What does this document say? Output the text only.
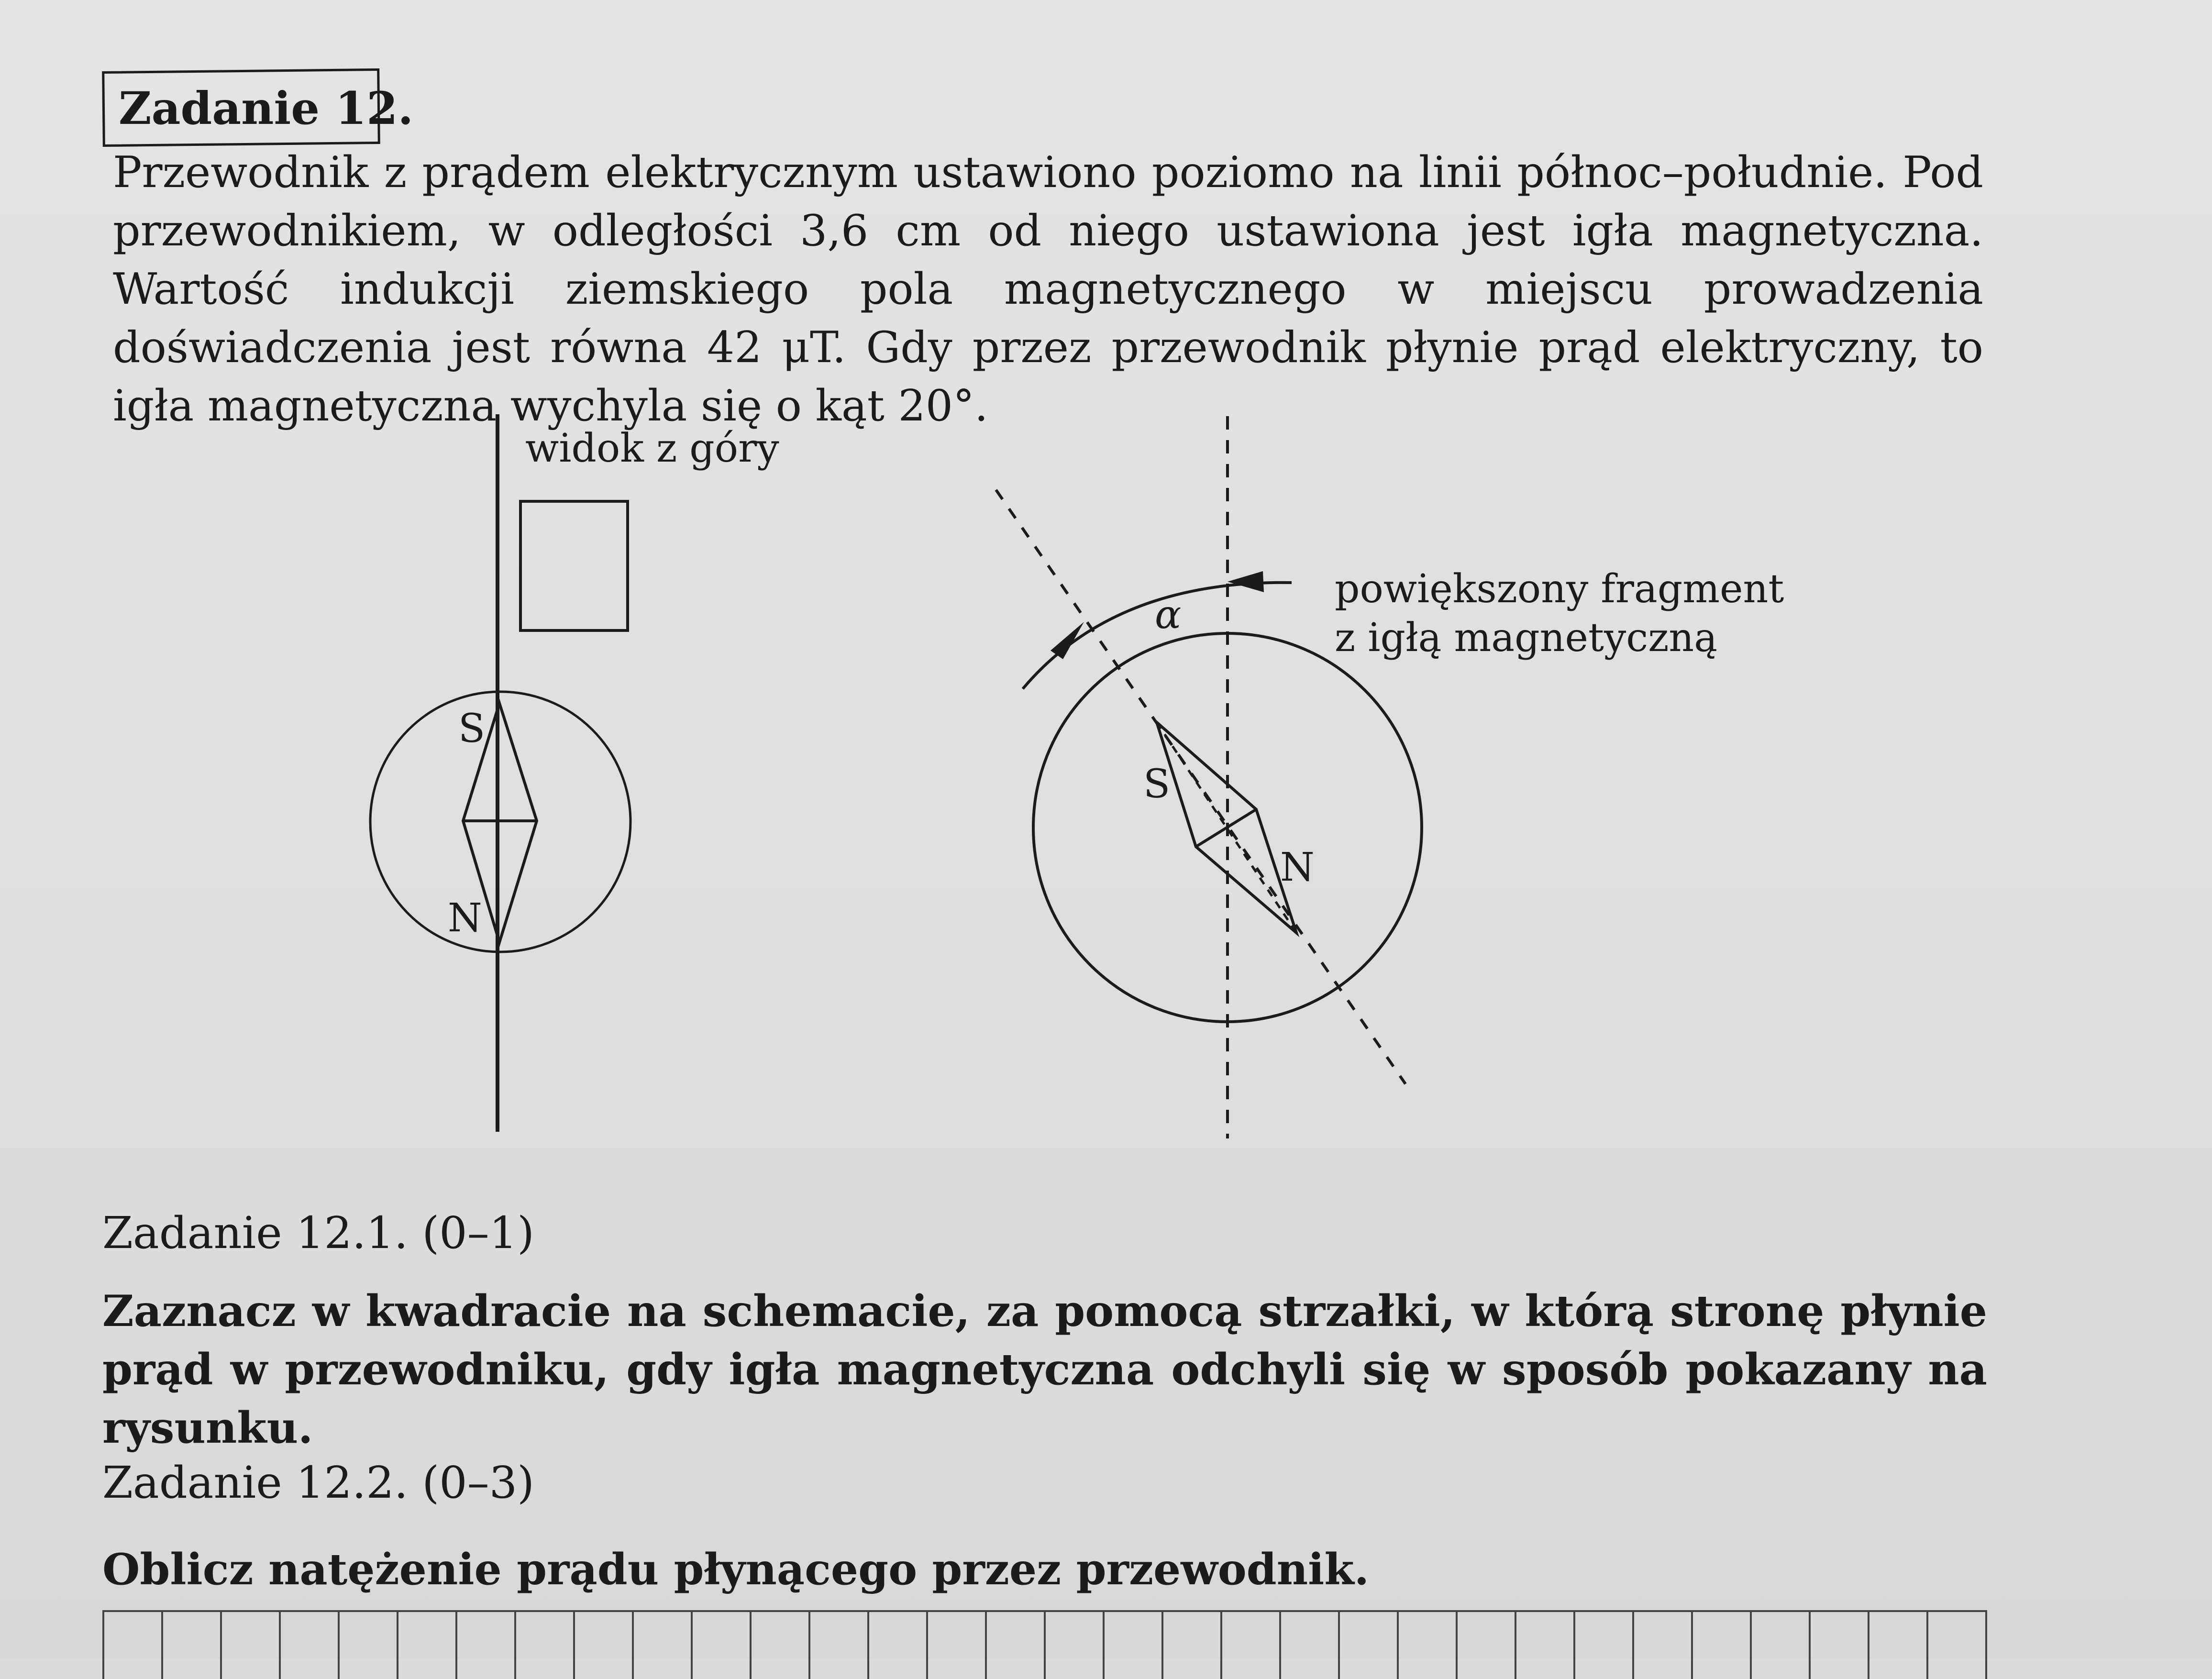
Zadanie 12.
Przewodnik z prądem elektrycznym ustawiono poziomo na linii północ–południe. Pod przewodnikiem, w odległości 3,6 cm od niego ustawiona jest igła magnetyczna. Wartość indukcji ziemskiego pola magnetycznego w miejscu prowadzenia doświadczenia jest równa 42 μT. Gdy przez przewodnik płynie prąd elektryczny, to igła magnetyczna wychyla się o kąt 20°.
widok z góry
S
N
powiększony fragment
z igłą magnetyczną
α
S
N
Zadanie 12.1. (0–1)
Zaznacz w kwadracie na schemacie, za pomocą strzałki, w którą stronę płynie prąd w przewodniku, gdy igła magnetyczna odchyli się w sposób pokazany na rysunku.
Zadanie 12.2. (0–3)
Oblicz natężenie prądu płynącego przez przewodnik.
